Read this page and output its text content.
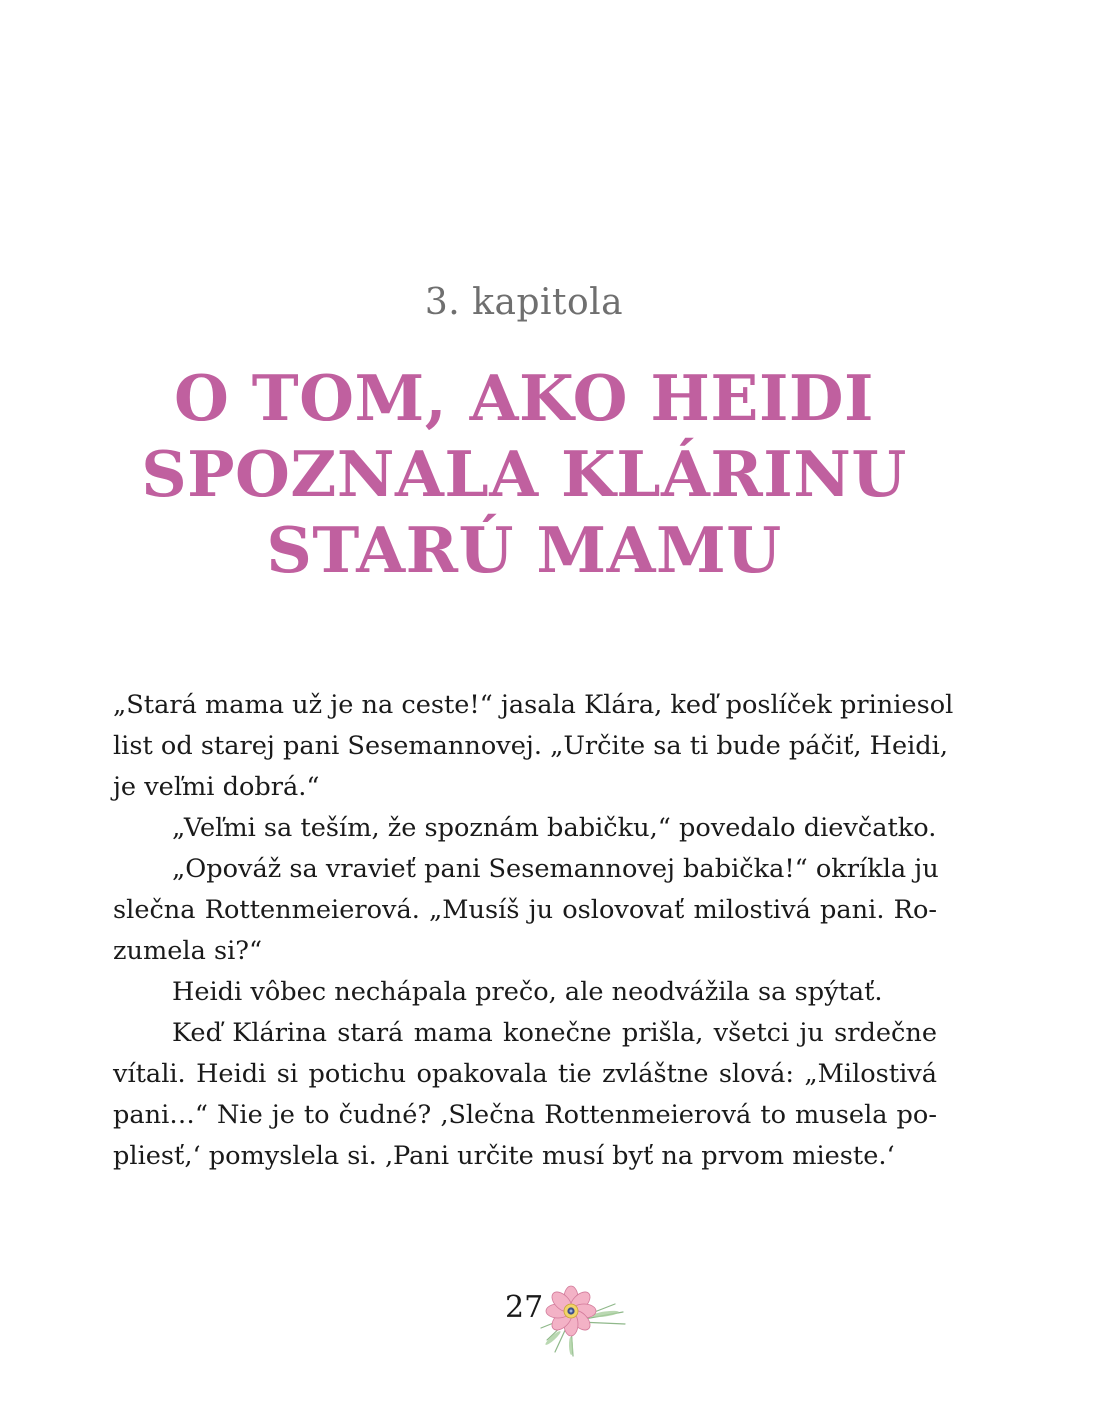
3. kapitola
O TOM, AKO HEIDI
SPOZNALA KLÁRINU
STARÚ MAMU
„Stará mama už je na ceste!“ jasala Klára, keď poslíček priniesol
list od starej pani Sesemannovej. „Určite sa ti bude páčiť, Heidi,
je veľmi dobrá.“
„Veľmi sa teším, že spoznám babičku,“ povedalo dievčatko.
„Opováž sa vravieť pani Sesemannovej babička!“ okríkla ju
slečna Rottenmeierová. „Musíš ju oslovovať milostivá pani. Ro-
zumela si?“
Heidi vôbec nechápala prečo, ale neodvážila sa spýtať.
Keď Klárina stará mama konečne prišla, všetci ju srdečne
vítali. Heidi si potichu opakovala tie zvláštne slová: „Milostivá
pani…“ Nie je to čudné? ‚Slečna Rottenmeierová to musela po-
pliesť,‘ pomyslela si. ‚Pani určite musí byť na prvom mieste.‘
27
